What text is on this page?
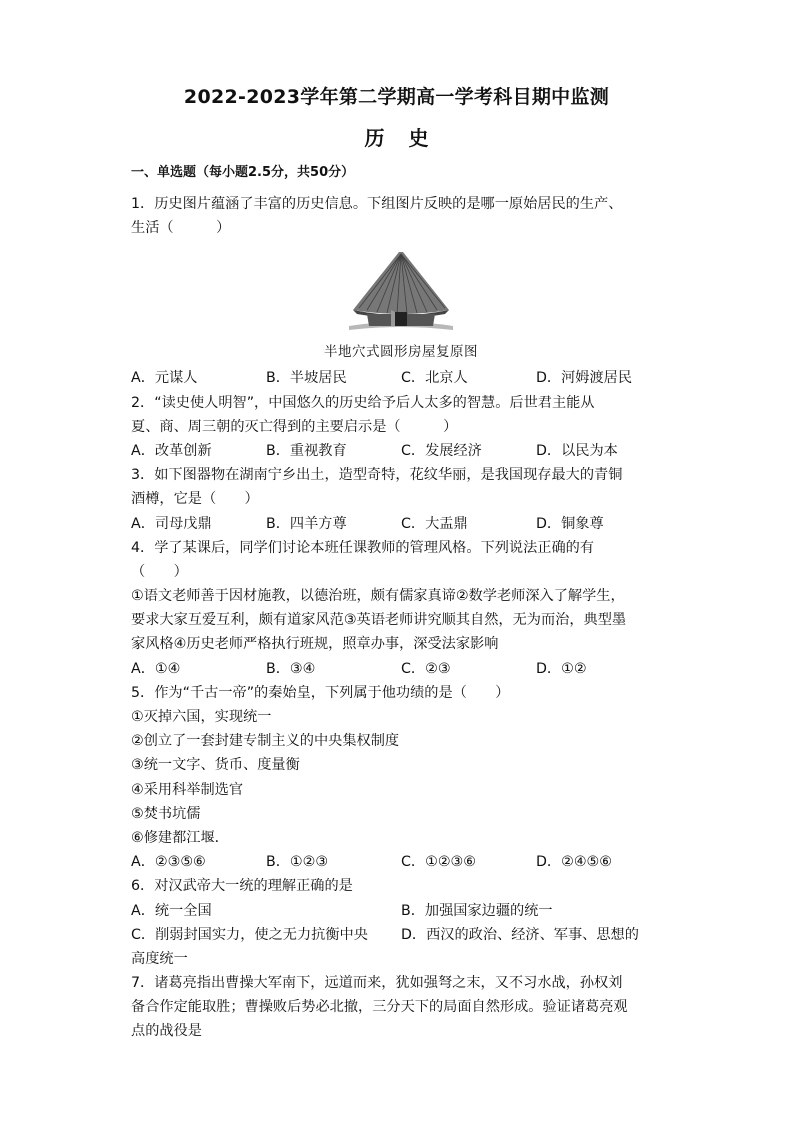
2022-2023学年第二学期高一学考科目期中监测
历史
一、单选题（每小题2.5分，共50分）
1．历史图片蕴涵了丰富的历史信息。下组图片反映的是哪一原始居民的生产、
生活（　　　）
半地穴式圆形房屋复原图
A．元谋人	B．半坡居民	C．北京人	D．河姆渡居民
2．“读史使人明智”，中国悠久的历史给予后人太多的智慧。后世君主能从
夏、商、周三朝的灭亡得到的主要启示是（　　　）
A．改革创新	B．重视教育	C．发展经济	D．以民为本
3．如下图器物在湖南宁乡出土，造型奇特，花纹华丽，是我国现存最大的青铜
酒樽，它是（　　）
A．司母戊鼎	B．四羊方尊	C．大盂鼎	D．铜象尊
4．学了某课后，同学们讨论本班任课教师的管理风格。下列说法正确的有
（　　）
①语文老师善于因材施教，以德治班，颇有儒家真谛②数学老师深入了解学生，
要求大家互爱互利，颇有道家风范③英语老师讲究顺其自然，无为而治，典型墨
家风格④历史老师严格执行班规，照章办事，深受法家影响
A．①④	B．③④	C．②③	D．①②
5．作为“千古一帝”的秦始皇，下列属于他功绩的是（　　）
①灭掉六国，实现统一
②创立了一套封建专制主义的中央集权制度
③统一文字、货币、度量衡
④采用科举制选官
⑤焚书坑儒
⑥修建都江堰．
A．②③⑤⑥	B．①②③	C．①②③⑥	D．②④⑤⑥
6．对汉武帝大一统的理解正确的是
A．统一全国	B．加强国家边疆的统一
C．削弱封国实力，使之无力抗衡中央	D．西汉的政治、经济、军事、思想的
高度统一
7．诸葛亮指出曹操大军南下，远道而来，犹如强弩之末，又不习水战，孙权刘
备合作定能取胜；曹操败后势必北撤，三分天下的局面自然形成。验证诸葛亮观
点的战役是
